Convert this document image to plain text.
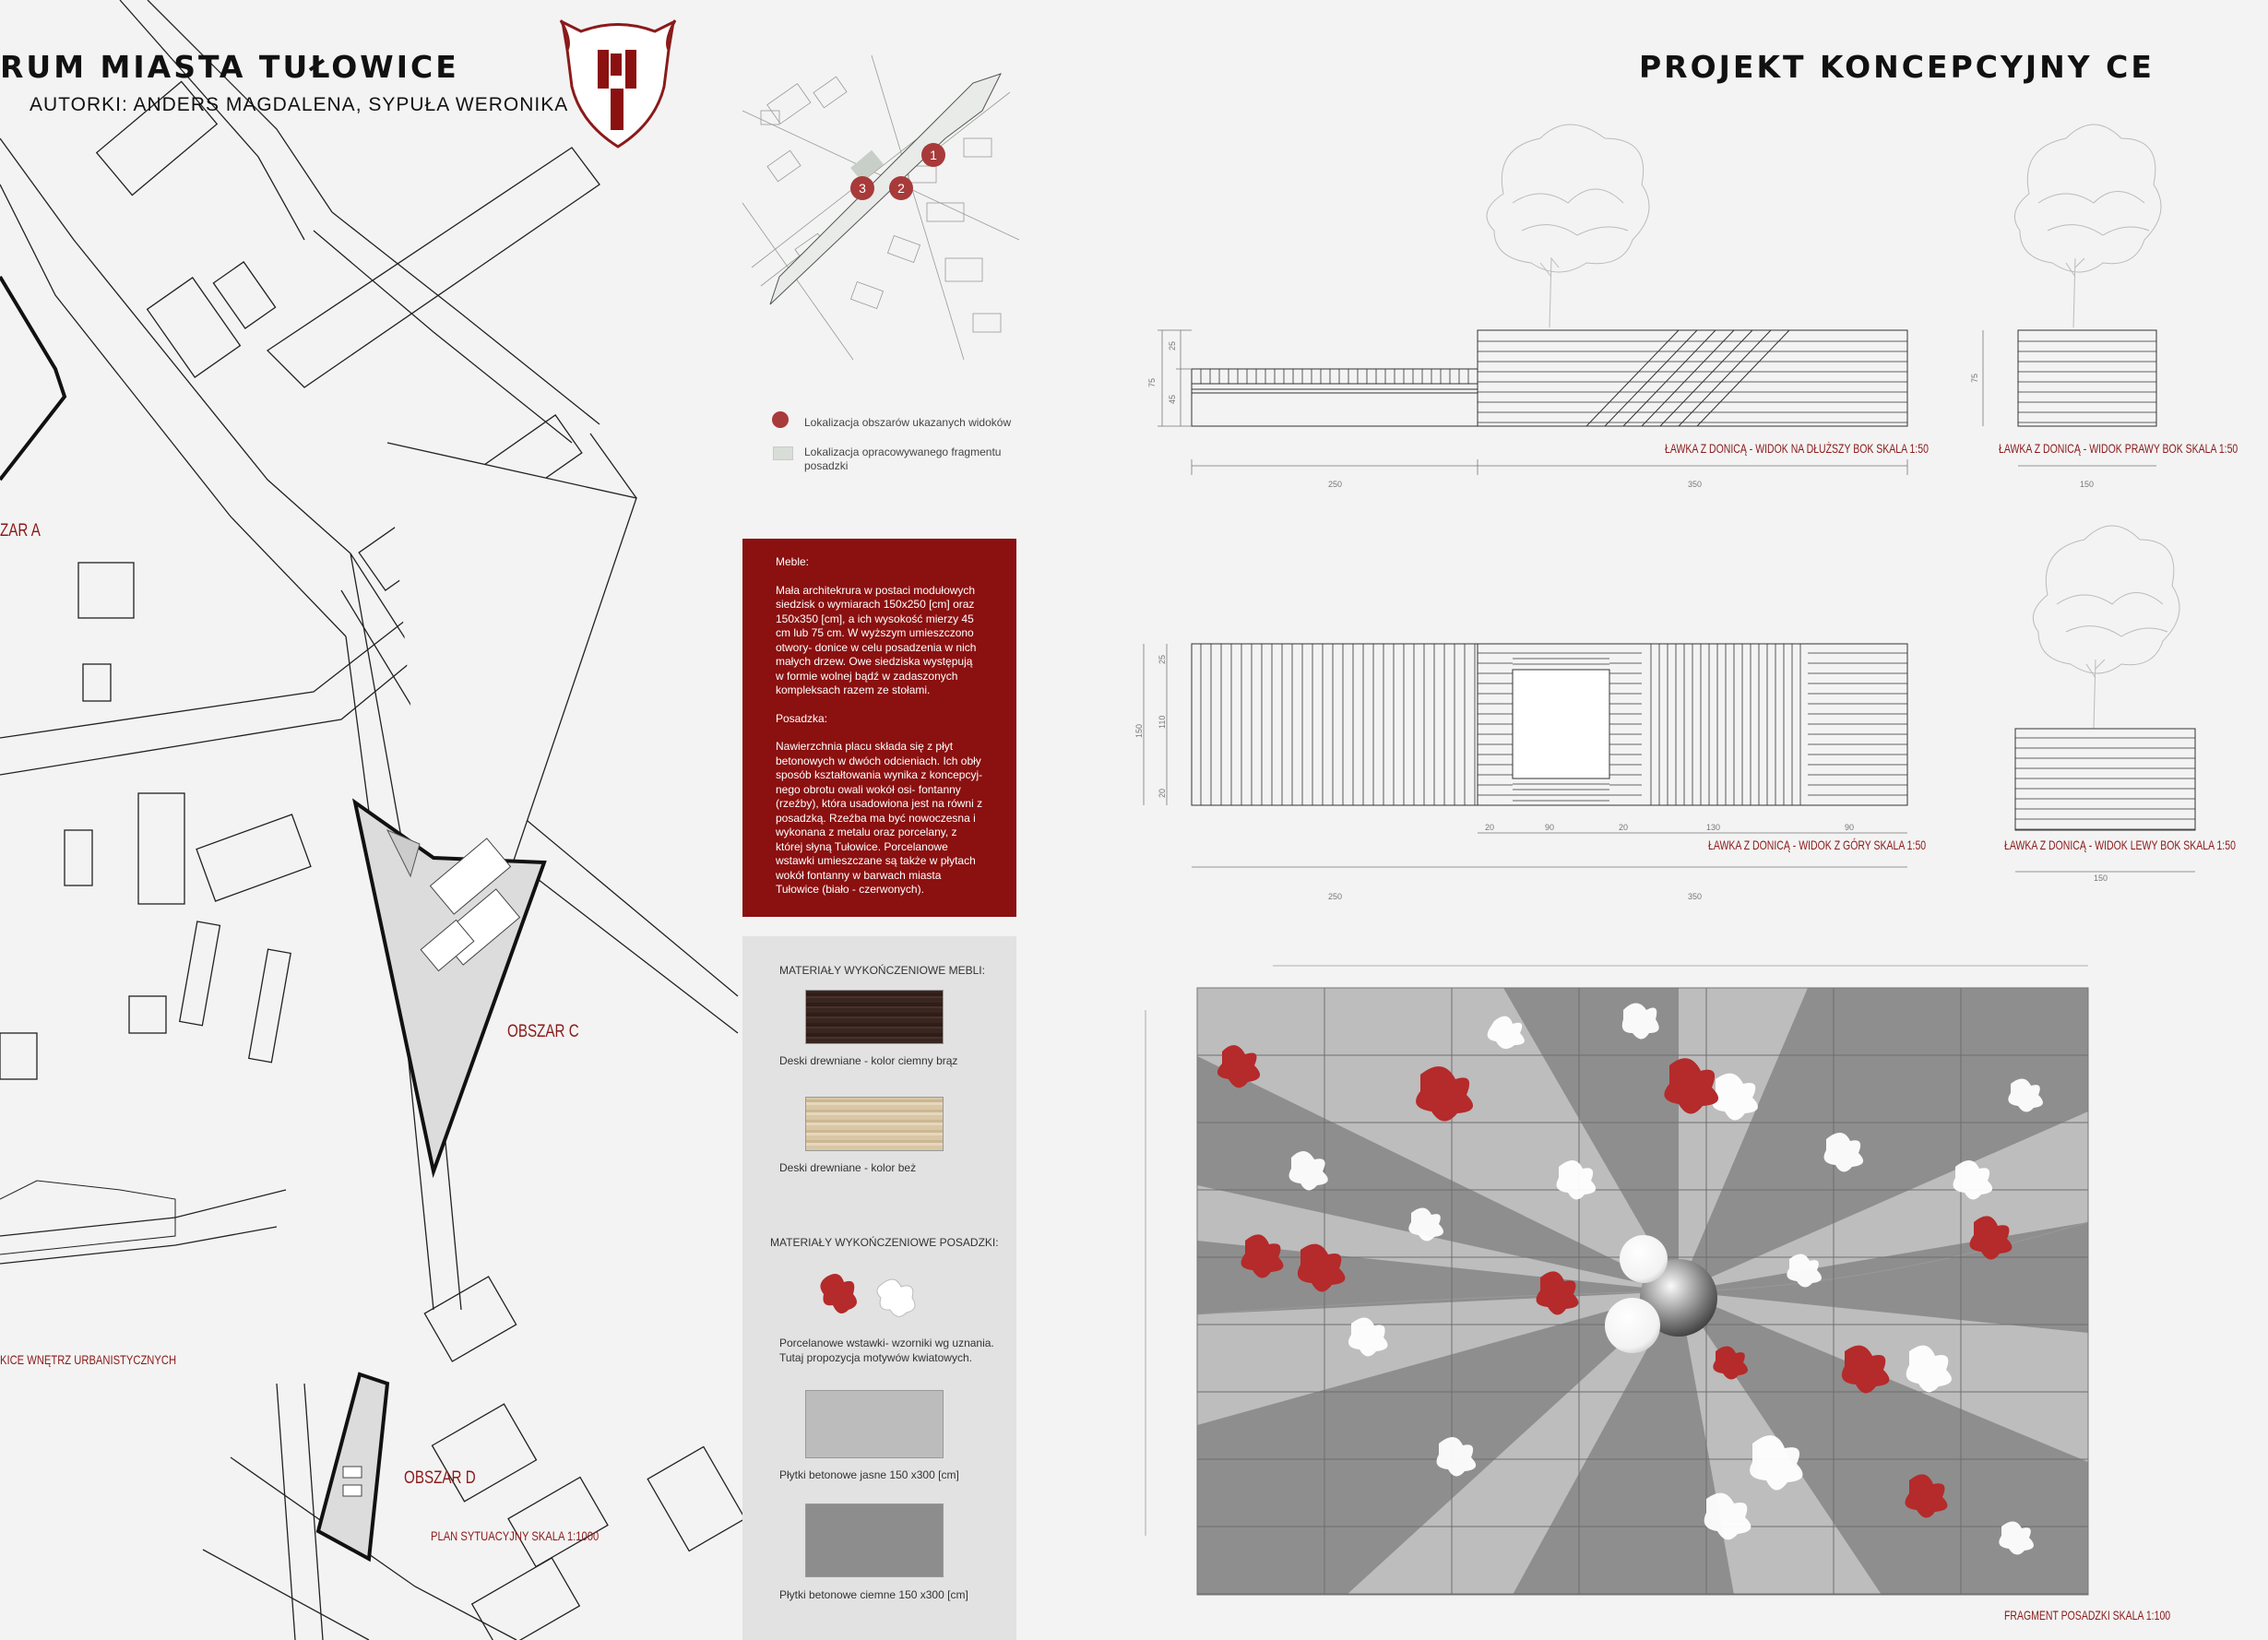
RUM MIASTA TUŁOWICE
AUTORKI: ANDERS MAGDALENA, SYPUŁA WERONIKA
ZAR A
OBSZAR C
OBSZAR D
KICE WNĘTRZ URBANISTYCZNYCH
PLAN SYTUACYJNY SKALA 1:1000
1
2
3
Lokalizacja obszarów ukazanych widoków
Lokalizacja opracowywanego fragmentu posadzki

Meble:

Mała architekrura w postaci modułowych siedzisk o wymiarach 150x250 [cm] oraz 150x350 [cm], a ich wysokość mierzy 45 cm lub 75 cm. W wyższym umieszczono otwory- donice w celu posadzenia w nich małych drzew. Owe siedziska występują w formie wolnej bądź w zadaszonych kompleksach razem ze stołami.

Posadzka:

Nawierzchnia placu składa się z płyt betonowych w dwóch odcieniach. Ich obły sposób kształtowania wynika z koncepcyj- nego obrotu owali wokół osi- fontanny (rzeźby), która usadowiona jest na równi z posadzką. Rzeźba ma być nowoczesna i wykonana z metalu oraz porcelany, z której słyną Tułowice. Porcelanowe wstawki umieszczane są także w płytach wokół fontanny w barwach miasta Tułowice (biało - czerwonych).

MATERIAŁY WYKOŃCZENIOWE MEBLI:
Deski drewniane - kolor ciemny brąz
Deski drewniane - kolor beż
MATERIAŁY WYKOŃCZENIOWE POSADZKI:
Porcelanowe wstawki- wzorniki wg uznania. Tutaj propozycja motywów kwiatowych.
Płytki betonowe jasne 150 x300 [cm]
Płytki betonowe ciemne 150 x300 [cm]
PROJEKT KONCEPCYJNY CE
75
25
45
250	350
ŁAWKA Z DONICĄ - WIDOK NA DŁUŻSZY BOK SKALA 1:50
75
150
ŁAWKA Z DONICĄ - WIDOK PRAWY BOK SKALA 1:50
25
110
150
20
20	90	20	130	90
250	350
ŁAWKA Z DONICĄ - WIDOK Z GÓRY SKALA 1:50
150
ŁAWKA Z DONICĄ - WIDOK LEWY BOK SKALA 1:50
FRAGMENT POSADZKI SKALA 1:100
